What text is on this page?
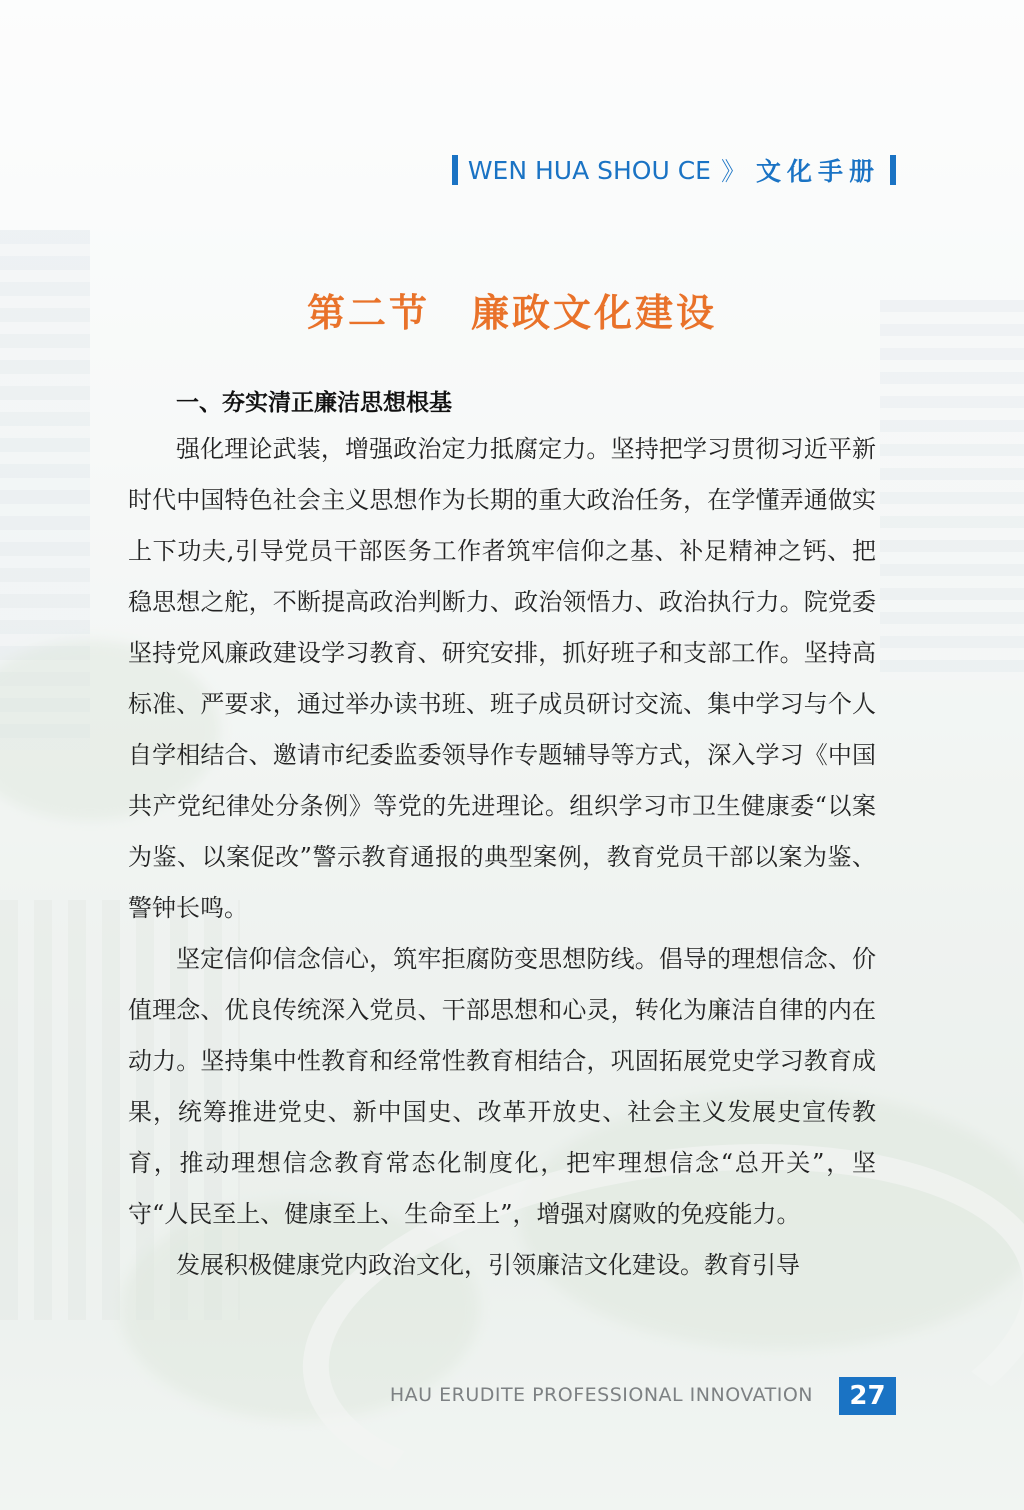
WEN HUA SHOU CE 》 文化手册
第二节　廉政文化建设
一、夯实清正廉洁思想根基

强化理论武装，增强政治定力抵腐定力。坚持把学习贯彻习近平新时代中国特色社会主义思想作为长期的重大政治任务，在学懂弄通做实上下功夫,引导党员干部医务工作者筑牢信仰之基、补足精神之钙、把稳思想之舵，不断提高政治判断力、政治领悟力、政治执行力。院党委坚持党风廉政建设学习教育、研究安排，抓好班子和支部工作。坚持高标准、严要求，通过举办读书班、班子成员研讨交流、集中学习与个人自学相结合、邀请市纪委监委领导作专题辅导等方式，深入学习《中国共产党纪律处分条例》等党的先进理论。组织学习市卫生健康委“以案为鉴、以案促改”警示教育通报的典型案例，教育党员干部以案为鉴、警钟长鸣。

坚定信仰信念信心，筑牢拒腐防变思想防线。倡导的理想信念、价值理念、优良传统深入党员、干部思想和心灵，转化为廉洁自律的内在动力。坚持集中性教育和经常性教育相结合，巩固拓展党史学习教育成果，统筹推进党史、新中国史、改革开放史、社会主义发展史宣传教育，推动理想信念教育常态化制度化，把牢理想信念“总开关”，坚守“人民至上、健康至上、生命至上”，增强对腐败的免疫能力。

发展积极健康党内政治文化，引领廉洁文化建设。教育引导

HAU ERUDITE PROFESSIONAL INNOVATION	27
